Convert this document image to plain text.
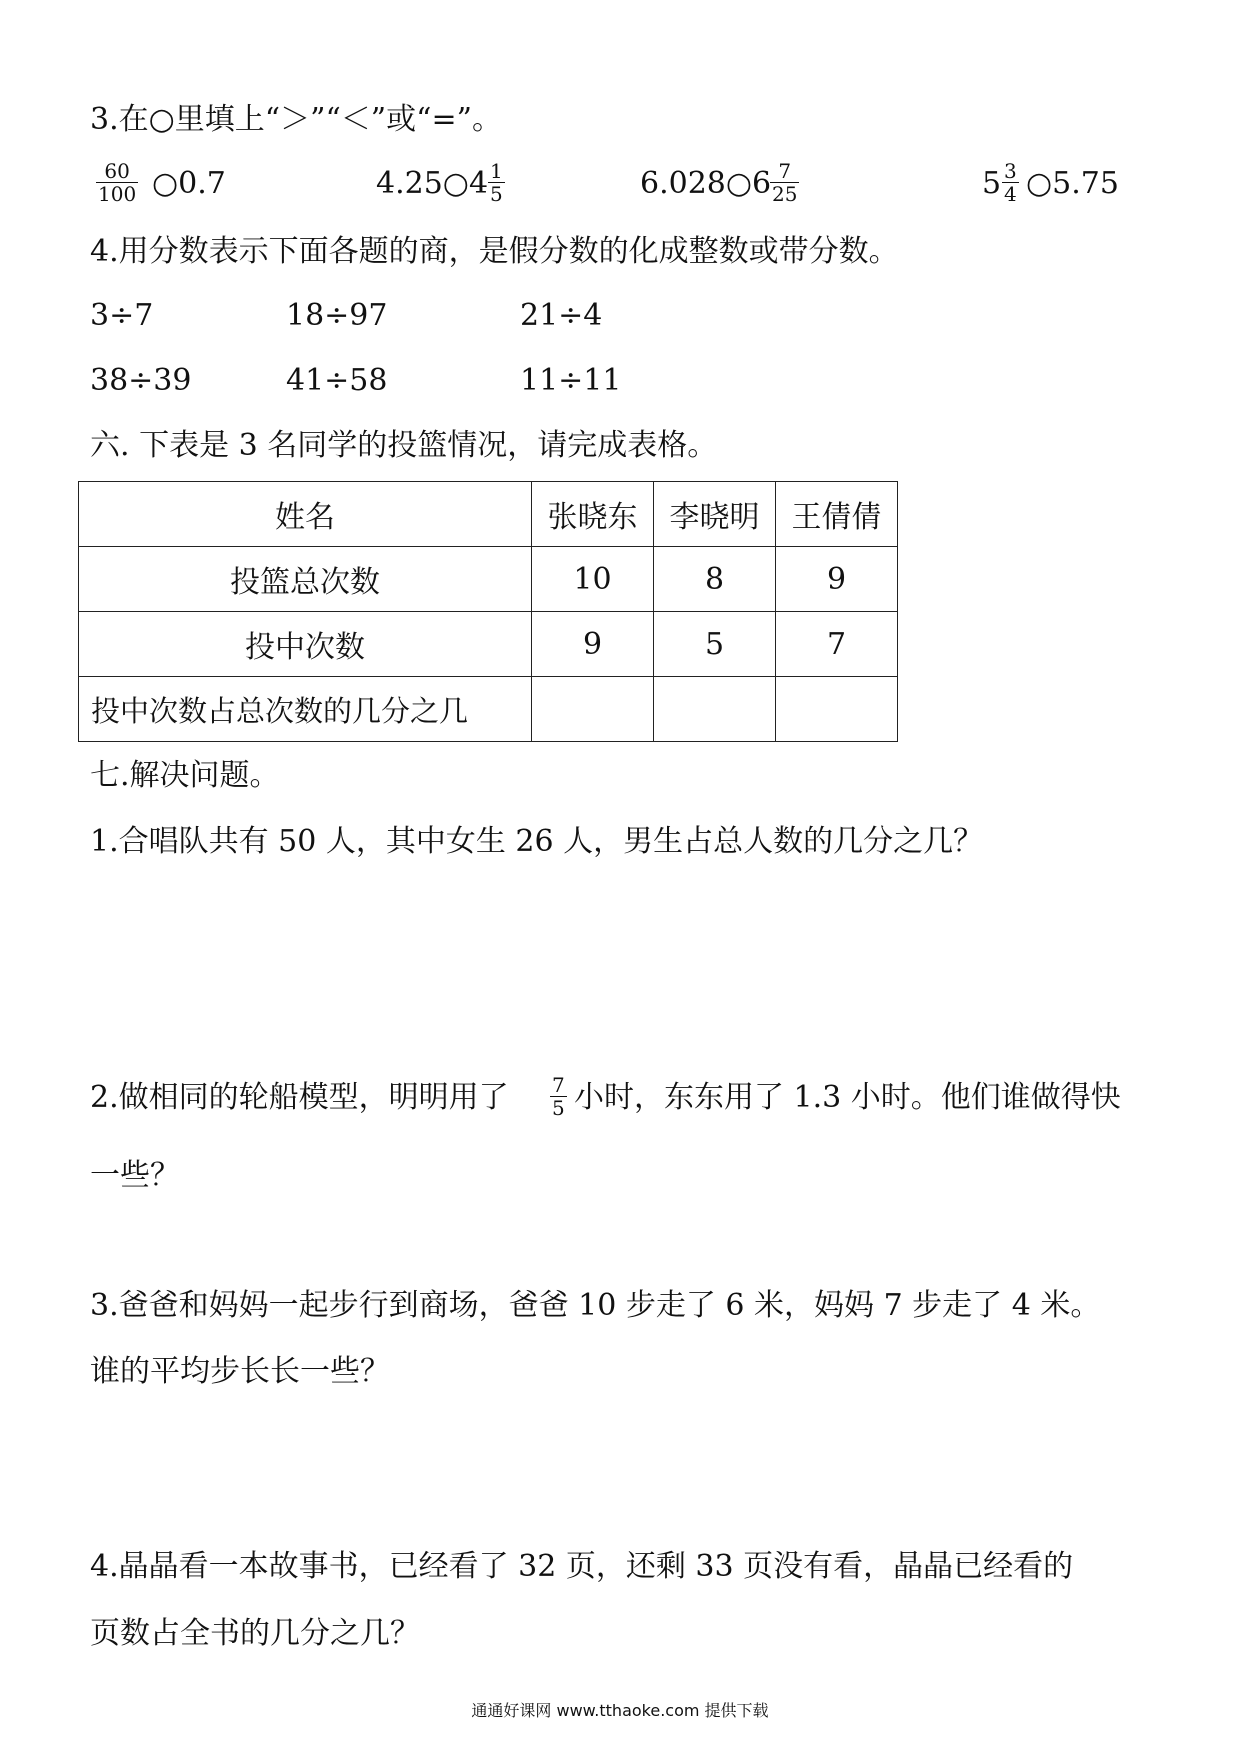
3.在○里填上“＞”“＜”或“=”。
60
100 ○0.7	4.25○4 1
5	6.028○6 7
25	5 3
4 ○5.75
4.用分数表示下面各题的商，是假分数的化成整数或带分数。
3÷7	18÷97	21÷4
38÷39	41÷58	11÷11
六. 下表是 3 名同学的投篮情况，请完成表格。
姓名	张晓东	李晓明	王倩倩
投篮总次数	10	8	9
投中次数	9	5	7
投中次数占总次数的几分之几			
七.解决问题。
1.合唱队共有 50 人，其中女生 26 人，男生占总人数的几分之几？
2.做相同的轮船模型，明明用了 7
5 小时，东东用了 1.3 小时。他们谁做得快
一些？
3.爸爸和妈妈一起步行到商场，爸爸 10 步走了 6 米，妈妈 7 步走了 4 米。
谁的平均步长长一些？
4.晶晶看一本故事书，已经看了 32 页，还剩 33 页没有看，晶晶已经看的
页数占全书的几分之几？
通通好课网 www.tthaoke.com 提供下载
